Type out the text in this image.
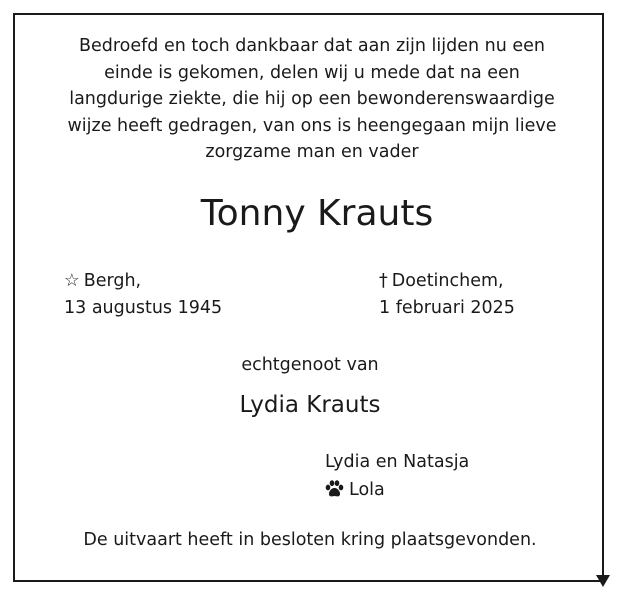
Bedroefd en toch dankbaar dat aan zijn lijden nu een
einde is gekomen, delen wij u mede dat na een
langdurige ziekte, die hij op een bewonderenswaardige
wijze heeft gedragen, van ons is heengegaan mijn lieve
zorgzame man en vader
Tonny Krauts
☆ Bergh,
13 augustus 1945
† Doetinchem,
1 februari 2025
echtgenoot van
Lydia Krauts
Lydia en Natasja
Lola
De uitvaart heeft in besloten kring plaatsgevonden.
